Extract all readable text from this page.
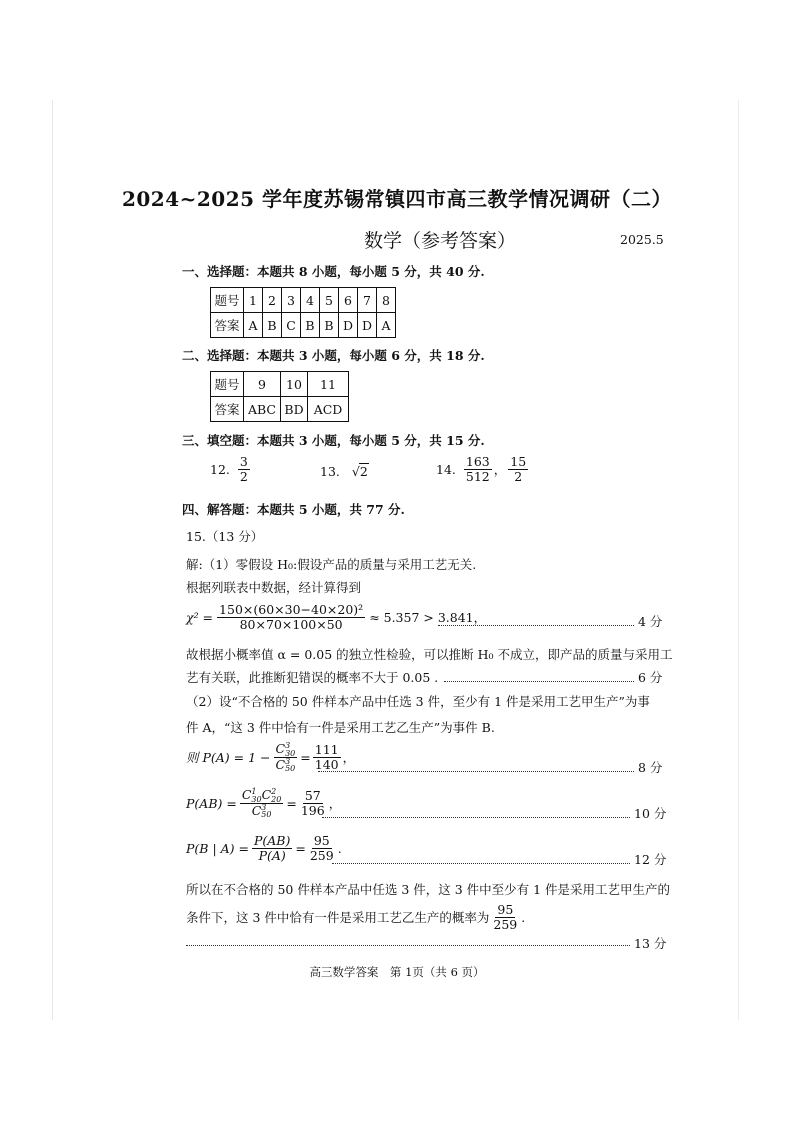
2024~2025 学年度苏锡常镇四市高三教学情况调研（二）
数学（参考答案）	2025.5
一、选择题：本题共 8 小题，每小题 5 分，共 40 分.
题号	1	2	3	4	5	6	7	8
答案	A	B	C	B	B	D	D	A
二、选择题：本题共 3 小题，每小题 6 分，共 18 分.
题号	9	10	11
答案	ABC	BD	ACD
三、填空题：本题共 3 小题，每小题 5 分，共 15 分.
12. $\frac{3}{2}$	13. √2	14. $\frac{163}{512}$ ， $\frac{15}{2}$
四、解答题：本题共 5 小题，共 77 分.
15.（13 分）
解:（1）零假设 H₀:假设产品的质量与采用工艺无关.
根据列联表中数据，经计算得到
$\chi^2 = \frac{\text{150×(60×30−40×20)²}}{80\times 70\times 100\times 50} \approx 5.357 > 3.841$，	4 分
故根据小概率值 α = 0.05 的独立性检验，可以推断 H₀ 不成立，即产品的质量与采用工
艺有关联，此推断犯错误的概率不大于 0.05 .	6 分
（2）设“不合格的 50 件样本产品中任选 3 件，至少有 1 件是采用工艺甲生产”为事
件 A，“这 3 件中恰有一件是采用工艺乙生产”为事件 B.
则 P(A) = 1 − C 3
30
C 3
$50 = \frac{111}{140}$ ，
8 分
P(AB) = C 1
30 C 2
20
C 3
$50 = \frac{57}{196}$ ，
10 分
P(B | $A) = \frac{P(AB)}{P(A)} = \frac{95}{259}$ .
12 分
所以在不合格的 50 件样本产品中任选 3 件，这 3 件中至少有 1 件是采用工艺甲生产的
条件下，这 3 件中恰有一件是采用工艺乙生产的概率为 $\frac{95}{259}$ .
13 分
高三数学答案　第 1页（共 6 页）
